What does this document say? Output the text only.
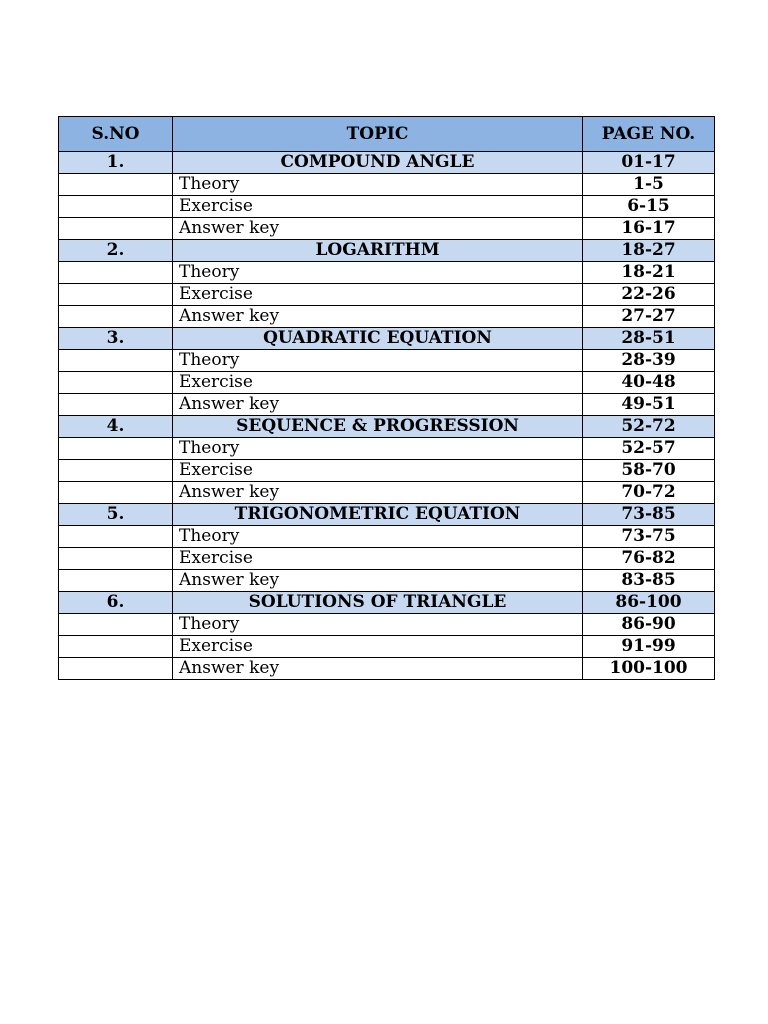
S.NO	TOPIC	PAGE NO.
1.	COMPOUND ANGLE	01-17
	Theory	1-5
	Exercise	6-15
	Answer key	16-17
2.	LOGARITHM	18-27
	Theory	18-21
	Exercise	22-26
	Answer key	27-27
3.	QUADRATIC EQUATION	28-51
	Theory	28-39
	Exercise	40-48
	Answer key	49-51
4.	SEQUENCE & PROGRESSION	52-72
	Theory	52-57
	Exercise	58-70
	Answer key	70-72
5.	TRIGONOMETRIC EQUATION	73-85
	Theory	73-75
	Exercise	76-82
	Answer key	83-85
6.	SOLUTIONS OF TRIANGLE	86-100
	Theory	86-90
	Exercise	91-99
	Answer key	100-100
